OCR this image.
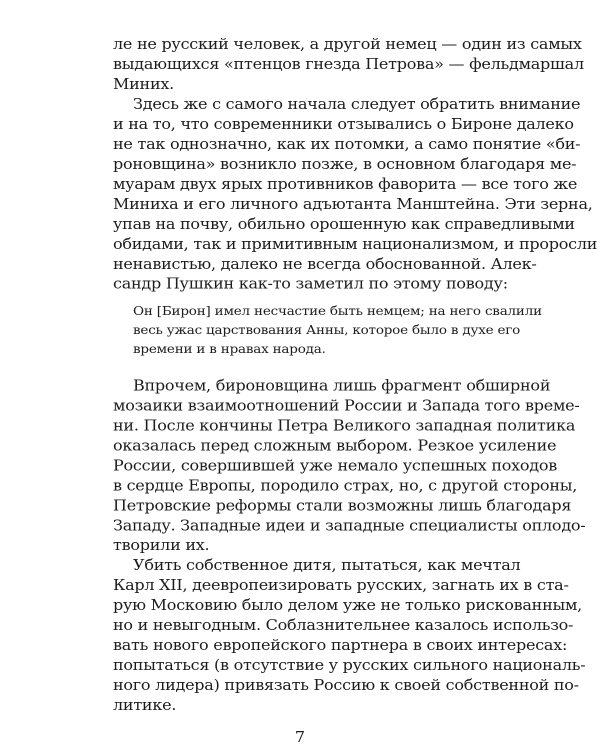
ле не русский человек, а другой немец — один из самых
выдающихся «птенцов гнезда Петрова» — фельдмаршал
Миних.
Здесь же с самого начала следует обратить внимание
и на то, что современники отзывались о Бироне далеко
не так однозначно, как их потомки, а само понятие «би-
роновщина» возникло позже, в основном благодаря ме-
муарам двух ярых противников фаворита — все того же
Миниха и его личного адъютанта Манштейна. Эти зерна,
упав на почву, обильно орошенную как справедливыми
обидами, так и примитивным национализмом, и проросли
ненавистью, далеко не всегда обоснованной. Алек-
сандр Пушкин как-то заметил по этому поводу:
Он [Бирон] имел несчастие быть немцем; на него свалили
весь ужас царствования Анны, которое было в духе его
времени и в нравах народа.
Впрочем, бироновщина лишь фрагмент обширной
мозаики взаимоотношений России и Запада того време-
ни. После кончины Петра Великого западная политика
оказалась перед сложным выбором. Резкое усиление
России, совершившей уже немало успешных походов
в сердце Европы, породило страх, но, с другой стороны,
Петровские реформы стали возможны лишь благодаря
Западу. Западные идеи и западные специалисты оплодо-
творили их.
Убить собственное дитя, пытаться, как мечтал
Карл XII, деевропеизировать русских, загнать их в ста-
рую Московию было делом уже не только рискованным,
но и невыгодным. Соблазнительнее казалось использо-
вать нового европейского партнера в своих интересах:
попытаться (в отсутствие у русских сильного националь-
ного лидера) привязать Россию к своей собственной по-
литике.
7
